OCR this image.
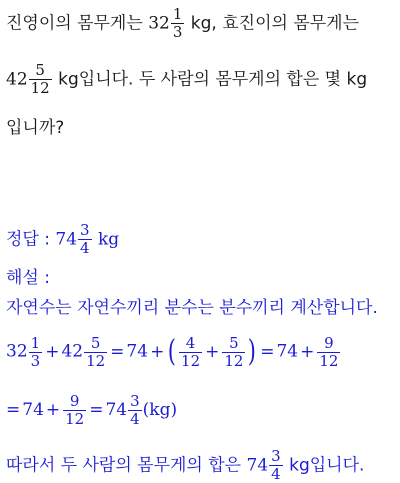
진영이의 몸무게는 $32 \frac{1}{3}$ kg, 효진이의 몸무게는
$42 \frac{5}{12}$ kg입니다. 두 사람의 몸무게의 합은 몇 kg
입니까?
정답 : $74 \frac{3}{4}$ kg
해설 :
자연수는 자연수끼리 분수는 분수끼리 계산합니다.
$32 \frac{1}{3} + 42 \frac{5}{12} = 74$ + ( $\frac{4}{12} + \frac{5}{12}$ ) = $74 + \frac{9}{12}$
= $74 + \frac{9}{12} = 74 \frac{3}{4} (kg)$
따라서 두 사람의 몸무게의 합은 $74 \frac{3}{4}$ kg입니다.
